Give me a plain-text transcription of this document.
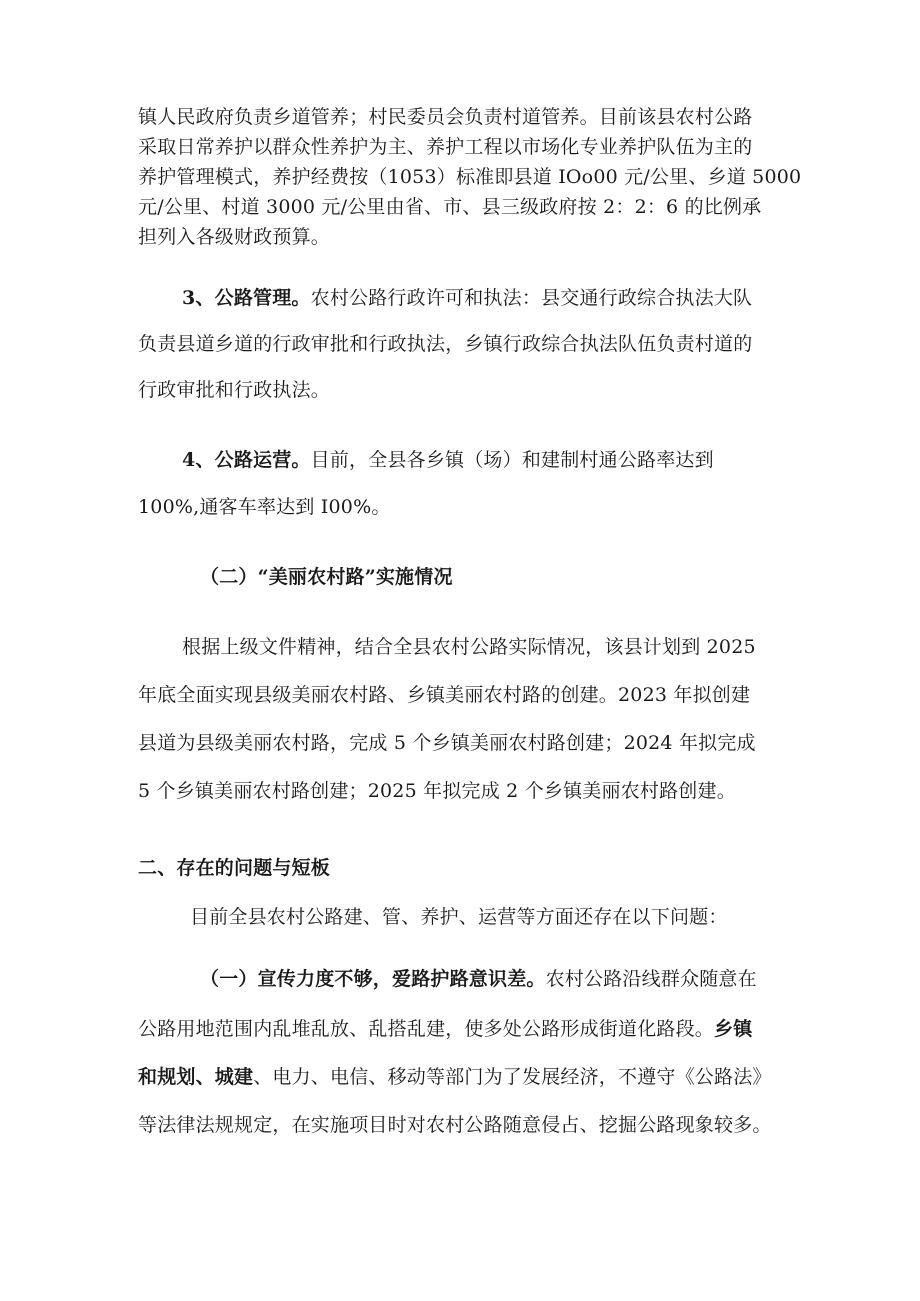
镇人民政府负责乡道管养；村民委员会负责村道管养。目前该县农村公路
采取日常养护以群众性养护为主、养护工程以市场化专业养护队伍为主的
养护管理模式，养护经费按（1053）标准即县道 IOo00 元/公里、乡道 5000
元/公里、村道 3000 元/公里由省、市、县三级政府按 2：2：6 的比例承
担列入各级财政预算。
3、公路管理。农村公路行政许可和执法：县交通行政综合执法大队
负责县道乡道的行政审批和行政执法，乡镇行政综合执法队伍负责村道的
行政审批和行政执法。
4、公路运营。目前，全县各乡镇（场）和建制村通公路率达到
100%,通客车率达到 I00%。
（二）“美丽农村路”实施情况
根据上级文件精神，结合全县农村公路实际情况，该县计划到 2025
年底全面实现县级美丽农村路、乡镇美丽农村路的创建。2023 年拟创建
县道为县级美丽农村路，完成 5 个乡镇美丽农村路创建；2024 年拟完成
5 个乡镇美丽农村路创建；2025 年拟完成 2 个乡镇美丽农村路创建。
二、存在的问题与短板
目前全县农村公路建、管、养护、运营等方面还存在以下问题：
（一）宣传力度不够，爱路护路意识差。农村公路沿线群众随意在
公路用地范围内乱堆乱放、乱搭乱建，使多处公路形成街道化路段。乡镇
和规划、城建、电力、电信、移动等部门为了发展经济，不遵守《公路法》
等法律法规规定，在实施项目时对农村公路随意侵占、挖掘公路现象较多。
